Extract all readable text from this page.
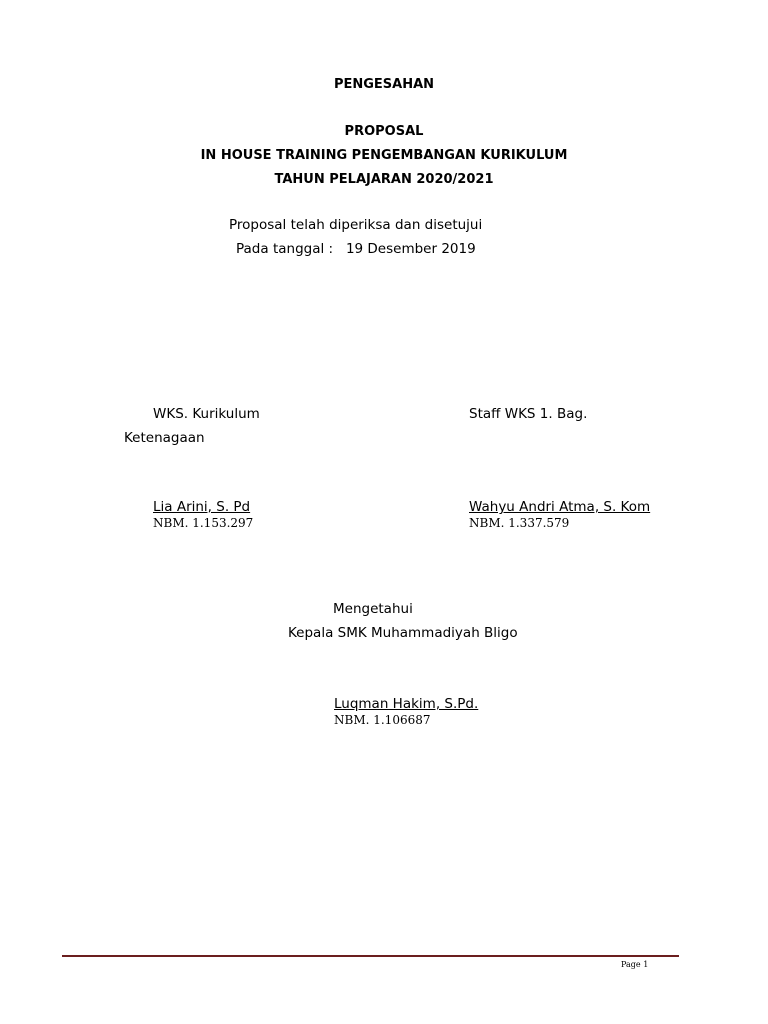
PENGESAHAN
PROPOSAL
IN HOUSE TRAINING PENGEMBANGAN KURIKULUM
TAHUN PELAJARAN 2020/2021
Proposal telah diperiksa dan disetujui
Pada tanggal :   19 Desember 2019
WKS. Kurikulum	Staff WKS 1. Bag.
Ketenagaan
Lia Arini, S. Pd
NBM. 1.153.297
Wahyu Andri Atma, S. Kom
NBM. 1.337.579
Mengetahui
Kepala SMK Muhammadiyah Bligo
Luqman Hakim, S.Pd.
NBM. 1.106687
Page 1
